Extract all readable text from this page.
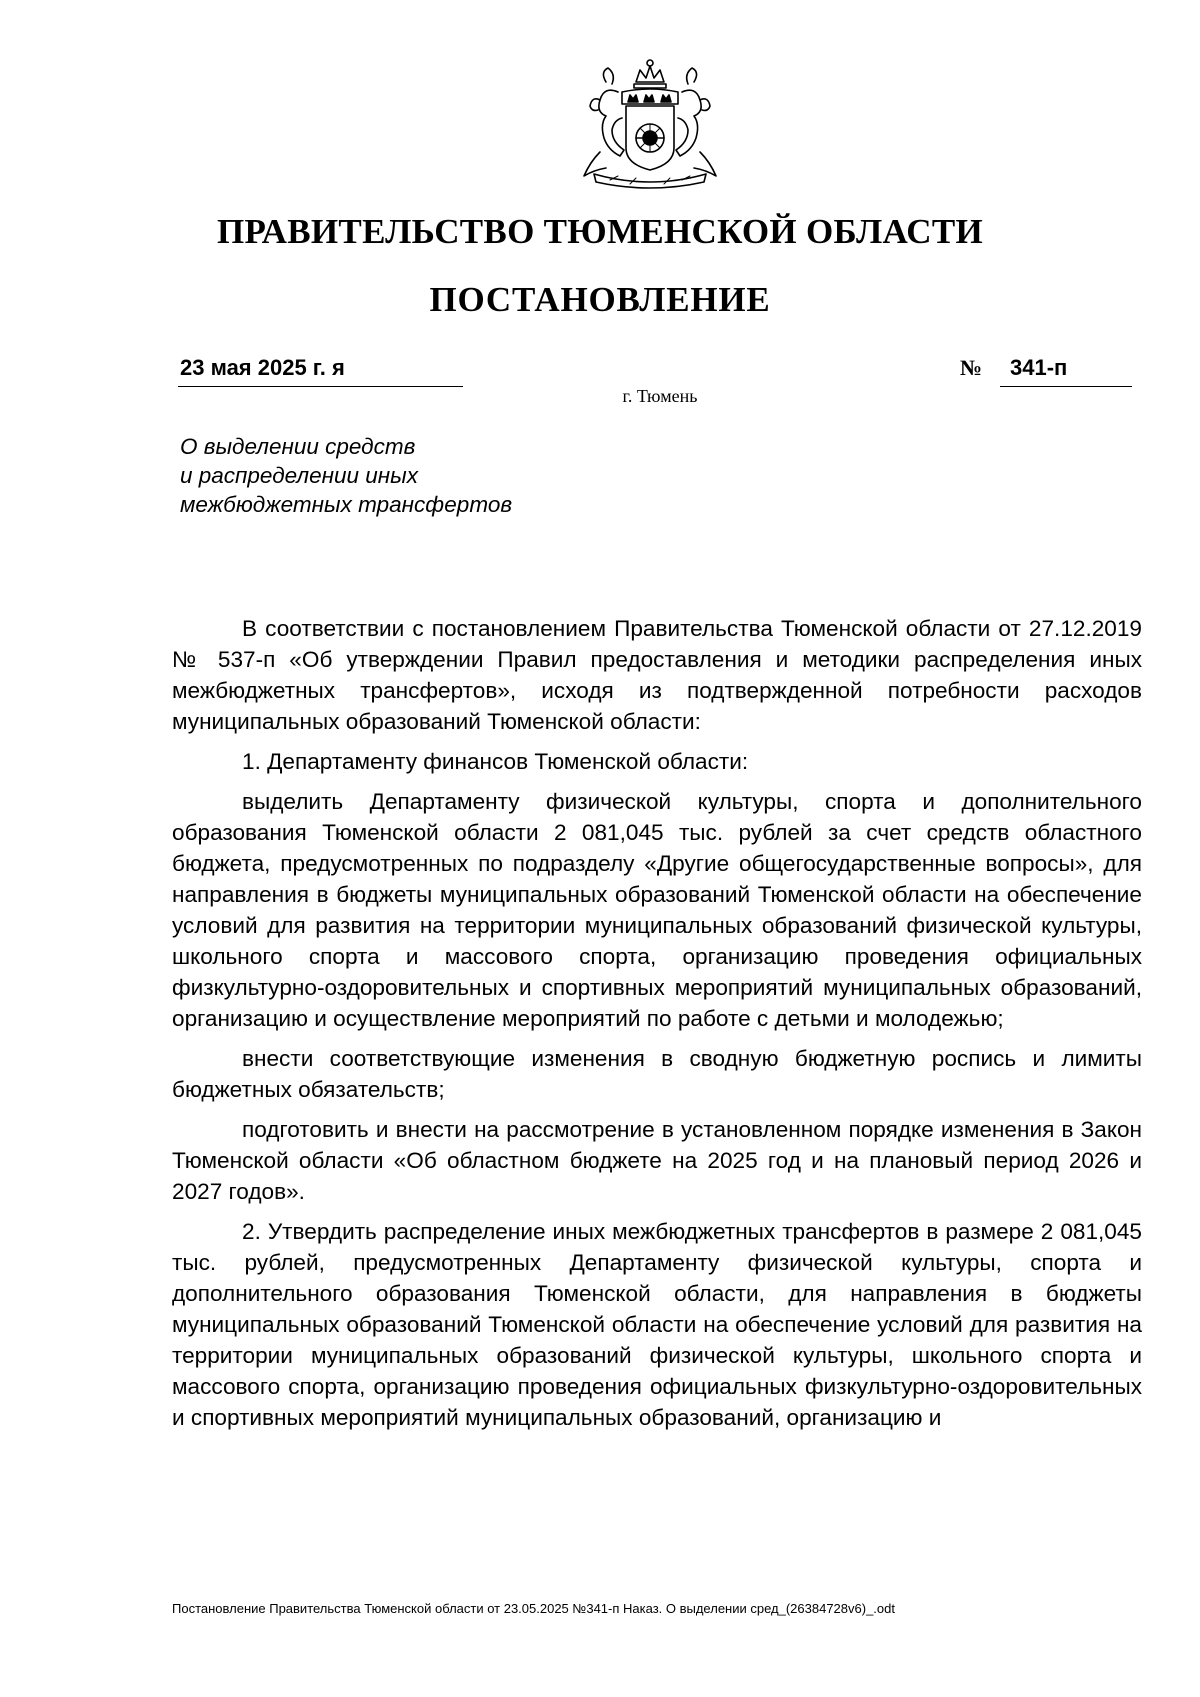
ПРАВИТЕЛЬСТВО ТЮМЕНСКОЙ ОБЛАСТИ
ПОСТАНОВЛЕНИЕ
23 мая 2025 г. я	№ 341-п
г. Тюмень
О выделении средств
и распределении иных
межбюджетных трансфертов

В соответствии с постановлением Правительства Тюменской области от 27.12.2019 № 537-п «Об утверждении Правил предоставления и методики распределения иных межбюджетных трансфертов», исходя из подтвержденной потребности расходов муниципальных образований Тюменской области:

1. Департаменту финансов Тюменской области:

выделить Департаменту физической культуры, спорта и дополнительного образования Тюменской области 2 081,045 тыс. рублей за счет средств областного бюджета, предусмотренных по подразделу «Другие общегосударственные вопросы», для направления в бюджеты муниципальных образований Тюменской области на обеспечение условий для развития на территории муниципальных образований физической культуры, школьного спорта и массового спорта, организацию проведения официальных физкультурно-оздоровительных и спортивных мероприятий муниципальных образований, организацию и осуществление мероприятий по работе с детьми и молодежью;

внести соответствующие изменения в сводную бюджетную роспись и лимиты бюджетных обязательств;

подготовить и внести на рассмотрение в установленном порядке изменения в Закон Тюменской области «Об областном бюджете на 2025 год и на плановый период 2026 и 2027 годов».

2. Утвердить распределение иных межбюджетных трансфертов в размере 2 081,045 тыс. рублей, предусмотренных Департаменту физической культуры, спорта и дополнительного образования Тюменской области, для направления в бюджеты муниципальных образований Тюменской области на обеспечение условий для развития на территории муниципальных образований физической культуры, школьного спорта и массового спорта, организацию проведения официальных физкультурно-оздоровительных и спортивных мероприятий муниципальных образований, организацию и

Постановление Правительства Тюменской области от 23.05.2025 №341-п Наказ. О выделении сред_(26384728v6)_.odt
